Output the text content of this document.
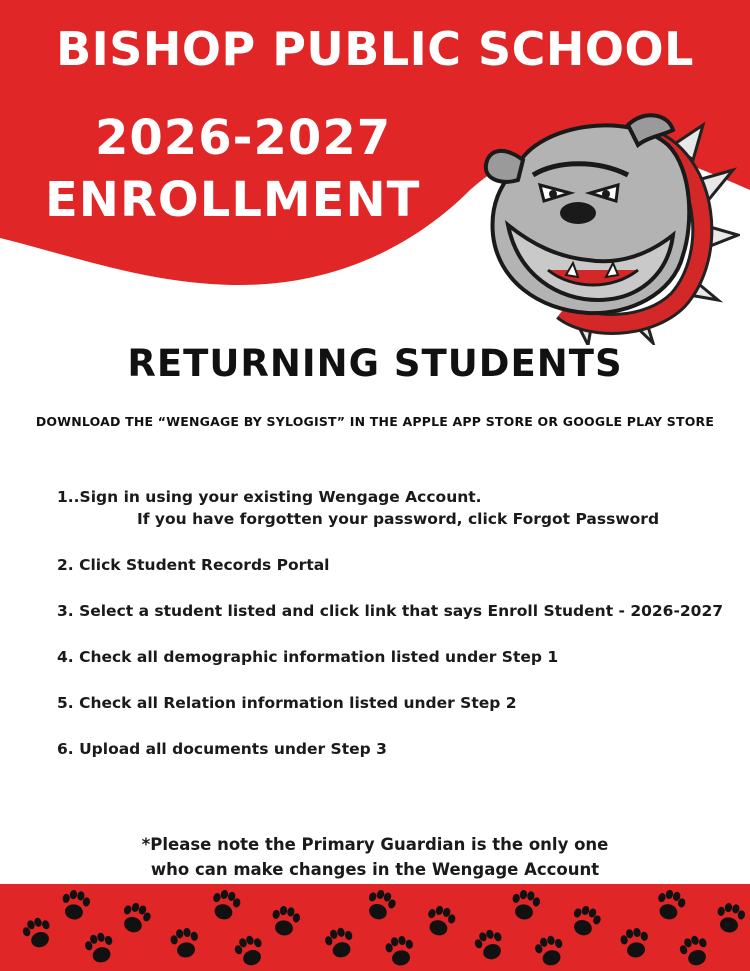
BISHOP PUBLIC SCHOOL
2026-2027
ENROLLMENT
RETURNING STUDENTS

DOWNLOAD THE “WENGAGE BY SYLOGIST” IN THE APPLE APP STORE OR GOOGLE PLAY STORE

1..Sign in using your existing Wengage Account.
If you have forgotten your password, click Forgot Password
2. Click Student Records Portal
3. Select a student listed and click link that says Enroll Student - 2026-2027
4. Check all demographic information listed under Step 1
5. Check all Relation information listed under Step 2
6. Upload all documents under Step 3

*Please note the Primary Guardian is the only one
who can make changes in the Wengage Account
